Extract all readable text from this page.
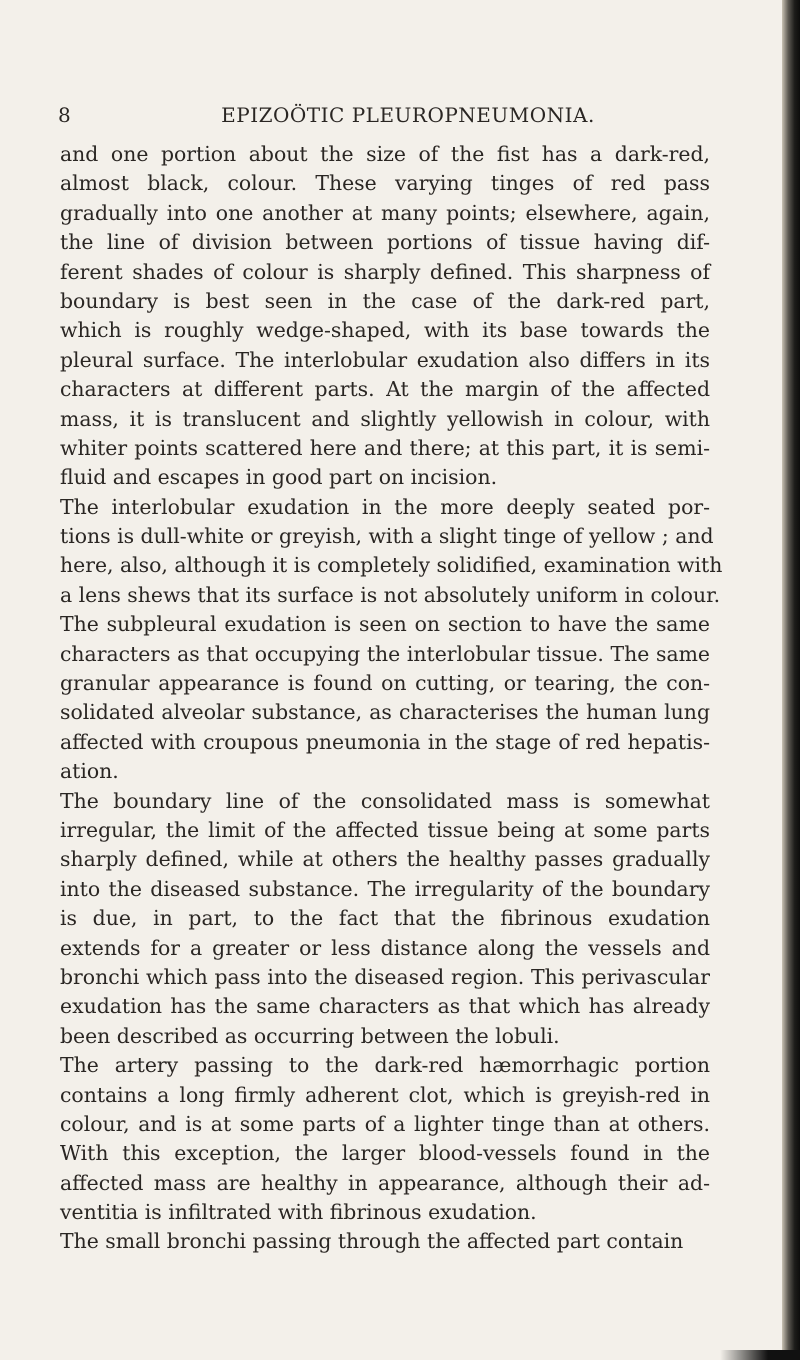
8	EPIZOÖTIC PLEUROPNEUMONIA.
and one portion about the size of the fist has a dark-red,
almost black, colour. These varying tinges of red pass
gradually into one another at many points; elsewhere, again,
the line of division between portions of tissue having dif-
ferent shades of colour is sharply defined. This sharpness of
boundary is best seen in the case of the dark-red part,
which is roughly wedge-shaped, with its base towards the
pleural surface. The interlobular exudation also differs in its
characters at different parts. At the margin of the affected
mass, it is translucent and slightly yellowish in colour, with
whiter points scattered here and there; at this part, it is semi-
fluid and escapes in good part on incision.
The interlobular exudation in the more deeply seated por-
tions is dull-white or greyish, with a slight tinge of yellow ; and
here, also, although it is completely solidified, examination with
a lens shews that its surface is not absolutely uniform in colour.
The subpleural exudation is seen on section to have the same
characters as that occupying the interlobular tissue. The same
granular appearance is found on cutting, or tearing, the con-
solidated alveolar substance, as characterises the human lung
affected with croupous pneumonia in the stage of red hepatis-
ation.
The boundary line of the consolidated mass is somewhat
irregular, the limit of the affected tissue being at some parts
sharply defined, while at others the healthy passes gradually
into the diseased substance. The irregularity of the boundary
is due, in part, to the fact that the fibrinous exudation
extends for a greater or less distance along the vessels and
bronchi which pass into the diseased region. This perivascular
exudation has the same characters as that which has already
been described as occurring between the lobuli.
The artery passing to the dark-red hæmorrhagic portion
contains a long firmly adherent clot, which is greyish-red in
colour, and is at some parts of a lighter tinge than at others.
With this exception, the larger blood-vessels found in the
affected mass are healthy in appearance, although their ad-
ventitia is infiltrated with fibrinous exudation.
The small bronchi passing through the affected part contain
